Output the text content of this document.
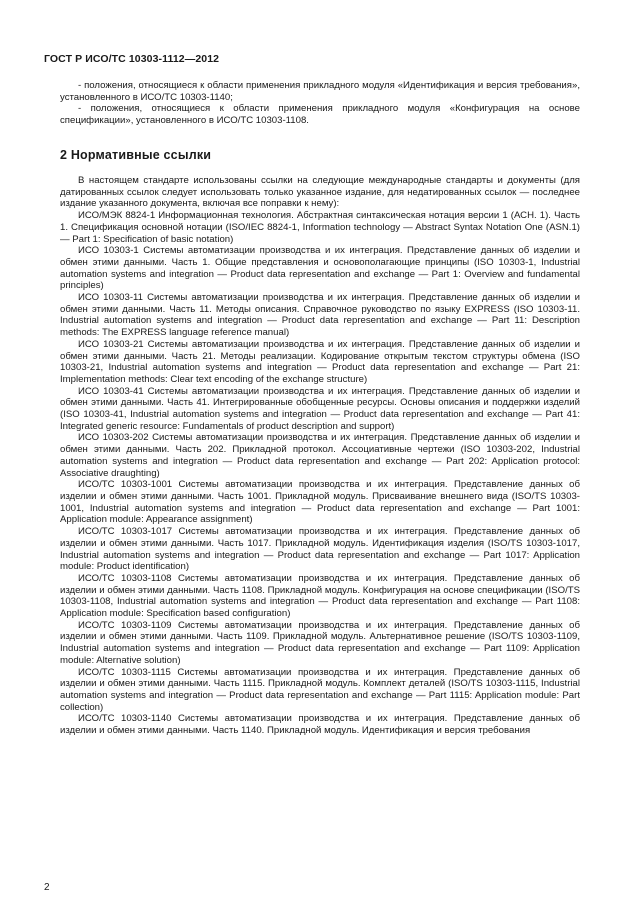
ГОСТ Р ИСО/ТС 10303-1112—2012

- положения, относящиеся к области применения прикладного модуля «Идентификация и версия требования», установленного в ИСО/ТС 10303-1140;

- положения, относящиеся к области применения прикладного модуля «Конфигурация на основе спецификации», установленного в ИСО/ТС 10303-1108.

2 Нормативные ссылки

В настоящем стандарте использованы ссылки на следующие международные стандарты и документы (для датированных ссылок следует использовать только указанное издание, для недатированных ссылок — последнее издание указанного документа, включая все поправки к нему):

ИСО/МЭК 8824-1 Информационная технология. Абстрактная синтаксическая нотация версии 1 (АСН. 1). Часть 1. Спецификация основной нотации (ISO/IEC 8824-1, Information technology — Abstract Syntax Notation One (ASN.1) — Part 1: Specification of basic notation)

ИСО 10303-1 Системы автоматизации производства и их интеграция. Представление данных об изделии и обмен этими данными. Часть 1. Общие представления и основополагающие принципы (ISO 10303-1, Industrial automation systems and integration — Product data representation and exchange — Part 1: Overview and fundamental principles)

ИСО 10303-11 Системы автоматизации производства и их интеграция. Представление данных об изделии и обмен этими данными. Часть 11. Методы описания. Справочное руководство по языку EXPRESS (ISO 10303-11. Industrial automation systems and integration — Product data representation and exchange — Part 11: Description methods: The EXPRESS language reference manual)

ИСО 10303-21 Системы автоматизации производства и их интеграция. Представление данных об изделии и обмен этими данными. Часть 21. Методы реализации. Кодирование открытым текстом структуры обмена (ISO 10303-21, Industrial automation systems and integration — Product data representation and exchange — Part 21: Implementation methods: Clear text encoding of the exchange structure)

ИСО 10303-41 Системы автоматизации производства и их интеграция. Представление данных об изделии и обмен этими данными. Часть 41. Интегрированные обобщенные ресурсы. Основы описания и поддержки изделий (ISO 10303-41, Industrial automation systems and integration — Product data representation and exchange — Part 41: Integrated generic resource: Fundamentals of product description and support)

ИСО 10303-202 Системы автоматизации производства и их интеграция. Представление данных об изделии и обмен этими данными. Часть 202. Прикладной протокол. Ассоциативные чертежи (ISO 10303-202, Industrial automation systems and integration — Product data representation and exchange — Part 202: Application protocol: Associative draughting)

ИСО/ТС 10303-1001 Системы автоматизации производства и их интеграция. Представление данных об изделии и обмен этими данными. Часть 1001. Прикладной модуль. Присваивание внешнего вида (ISO/TS 10303-1001, Industrial automation systems and integration — Product data representation and exchange — Part 1001: Application module: Appearance assignment)

ИСО/ТС 10303-1017 Системы автоматизации производства и их интеграция. Представление данных об изделии и обмен этими данными. Часть 1017. Прикладной модуль. Идентификация изделия (ISO/TS 10303-1017, Industrial automation systems and integration — Product data representation and exchange — Part 1017: Application module: Product identification)

ИСО/ТС 10303-1108 Системы автоматизации производства и их интеграция. Представление данных об изделии и обмен этими данными. Часть 1108. Прикладной модуль. Конфигурация на основе спецификации (ISO/TS 10303-1108, Industrial automation systems and integration — Product data representation and exchange — Part 1108: Application module: Specification based configuration)

ИСО/ТС 10303-1109 Системы автоматизации производства и их интеграция. Представление данных об изделии и обмен этими данными. Часть 1109. Прикладной модуль. Альтернативное решение (ISO/TS 10303-1109, Industrial automation systems and integration — Product data representation and exchange — Part 1109: Application module: Alternative solution)

ИСО/ТС 10303-1115 Системы автоматизации производства и их интеграция. Представление данных об изделии и обмен этими данными. Часть 1115. Прикладной модуль. Комплект деталей (ISO/TS 10303-1115, Industrial automation systems and integration — Product data representation and exchange — Part 1115: Application module: Part collection)

ИСО/ТС 10303-1140 Системы автоматизации производства и их интеграция. Представление данных об изделии и обмен этими данными. Часть 1140. Прикладной модуль. Идентификация и версия требования

2
